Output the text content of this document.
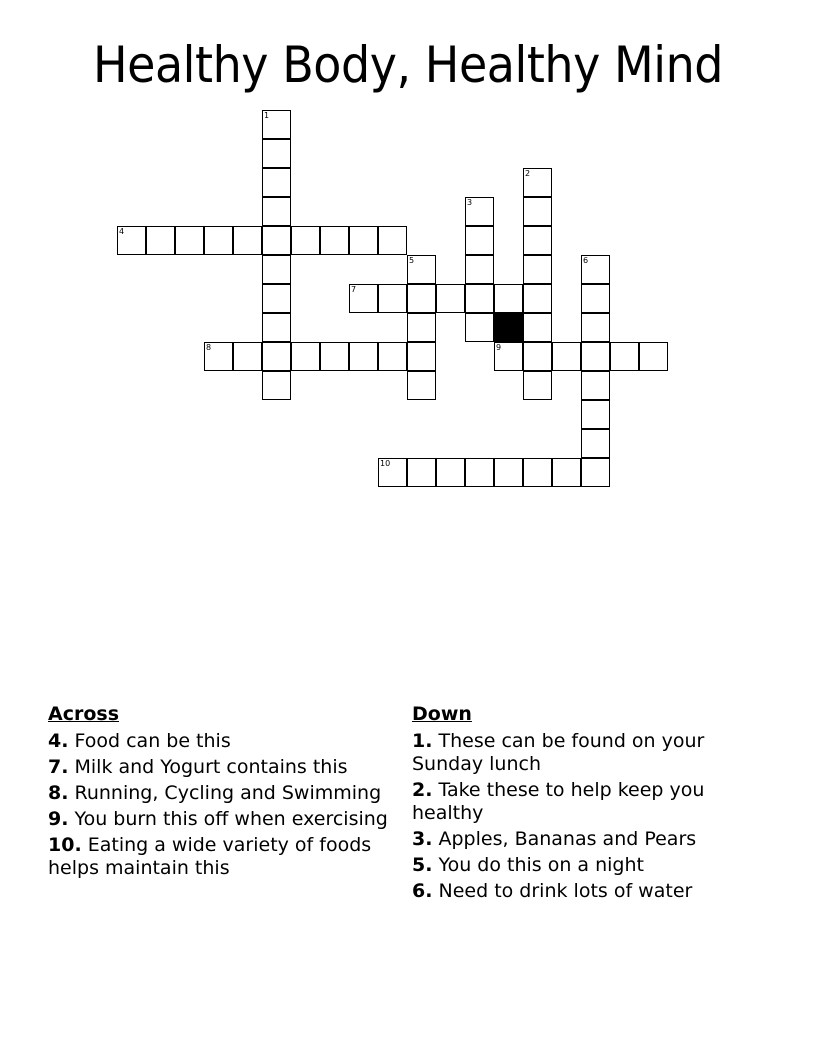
Healthy Body, Healthy Mind
1
2
3
4
5	6
7
8	9
10
Across
4. Food can be this
7. Milk and Yogurt contains this
8. Running, Cycling and Swimming
9. You burn this off when exercising
10. Eating a wide variety of foods helps maintain this
Down
1. These can be found on your Sunday lunch
2. Take these to help keep you healthy
3. Apples, Bananas and Pears
5. You do this on a night
6. Need to drink lots of water
